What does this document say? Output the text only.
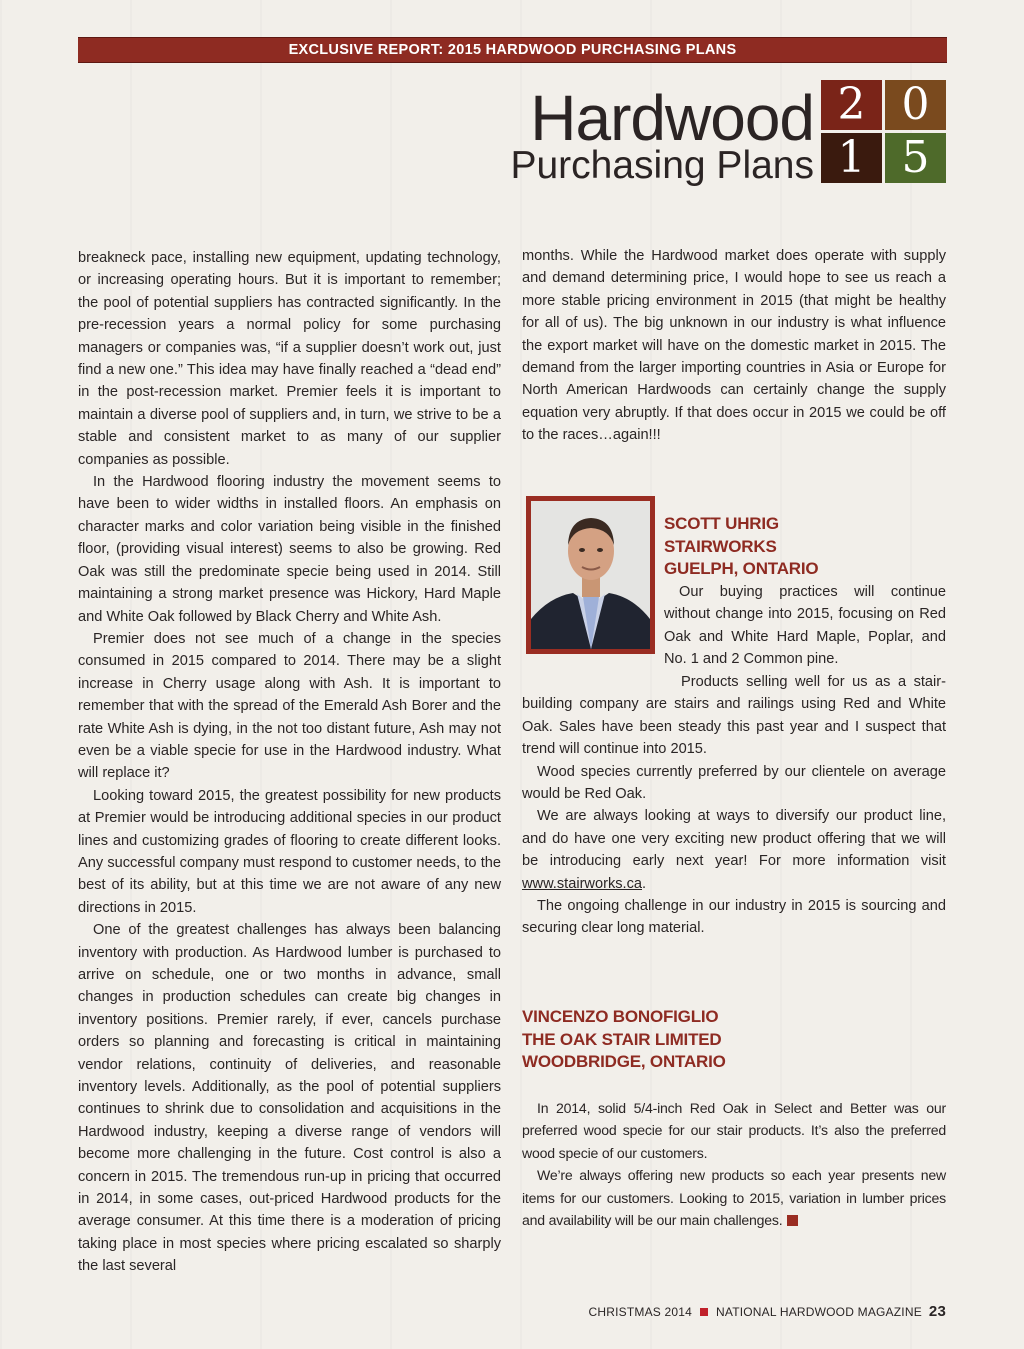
EXCLUSIVE REPORT: 2015 HARDWOOD PURCHASING PLANS
Hardwood
Purchasing Plans
2 0
1 5

breakneck pace, installing new equipment, updating technology, or increasing operating hours. But it is important to remember; the pool of potential suppliers has contracted significantly. In the pre-recession years a normal policy for some purchasing managers or companies was, “if a supplier doesn’t work out, just find a new one.” This idea may have finally reached a “dead end” in the post-recession market. Premier feels it is important to maintain a diverse pool of suppliers and, in turn, we strive to be a stable and consistent market to as many of our supplier companies as possible.

In the Hardwood flooring industry the movement seems to have been to wider widths in installed floors. An emphasis on character marks and color variation being visible in the finished floor, (providing visual interest) seems to also be growing. Red Oak was still the predominate specie being used in 2014. Still maintaining a strong market presence was Hickory, Hard Maple and White Oak followed by Black Cherry and White Ash.

Premier does not see much of a change in the species consumed in 2015 compared to 2014. There may be a slight increase in Cherry usage along with Ash. It is important to remember that with the spread of the Emerald Ash Borer and the rate White Ash is dying, in the not too distant future, Ash may not even be a viable specie for use in the Hardwood industry. What will replace it?

Looking toward 2015, the greatest possibility for new products at Premier would be introducing additional species in our product lines and customizing grades of flooring to create different looks. Any successful company must respond to customer needs, to the best of its ability, but at this time we are not aware of any new directions in 2015.

One of the greatest challenges has always been balancing inventory with production. As Hardwood lumber is purchased to arrive on schedule, one or two months in advance, small changes in production schedules can create big changes in inventory positions. Premier rarely, if ever, cancels purchase orders so planning and forecasting is critical in maintaining vendor relations, continuity of deliveries, and reasonable inventory levels. Additionally, as the pool of potential suppliers continues to shrink due to consolidation and acquisitions in the Hardwood industry, keeping a diverse range of vendors will become more challenging in the future. Cost control is also a concern in 2015. The tremendous run-up in pricing that occurred in 2014, in some cases, out-priced Hardwood products for the average consumer. At this time there is a moderation of pricing taking place in most species where pricing escalated so sharply the last several

months. While the Hardwood market does operate with supply and demand determining price, I would hope to see us reach a more stable pricing environment in 2015 (that might be healthy for all of us). The big unknown in our industry is what influence the export market will have on the domestic market in 2015. The demand from the larger importing countries in Asia or Europe for North American Hardwoods can certainly change the supply equation very abruptly. If that does occur in 2015 we could be off to the races…again!!!

SCOTT UHRIG
STAIRWORKS
GUELPH, ONTARIO

Our buying practices will continue without change into 2015, focusing on Red Oak and White Hard Maple, Poplar, and No. 1 and 2 Common pine.

Products selling well for us as a stair-building company are stairs and railings using Red and White Oak. Sales have been steady this past year and I suspect that trend will continue into 2015.

Wood species currently preferred by our clientele on average would be Red Oak.

We are always looking at ways to diversify our product line, and do have one very exciting new product offering that we will be introducing early next year! For more information visit www.stairworks.ca.

The ongoing challenge in our industry in 2015 is sourcing and securing clear long material.

VINCENZO BONOFIGLIO
THE OAK STAIR LIMITED
WOODBRIDGE, ONTARIO

In 2014, solid 5/4-inch Red Oak in Select and Better was our preferred wood specie for our stair products. It’s also the preferred wood specie of our customers.

We’re always offering new products so each year presents new items for our customers. Looking to 2015, variation in lumber prices and availability will be our main challenges.

CHRISTMAS 2014 NATIONAL HARDWOOD MAGAZINE 23
